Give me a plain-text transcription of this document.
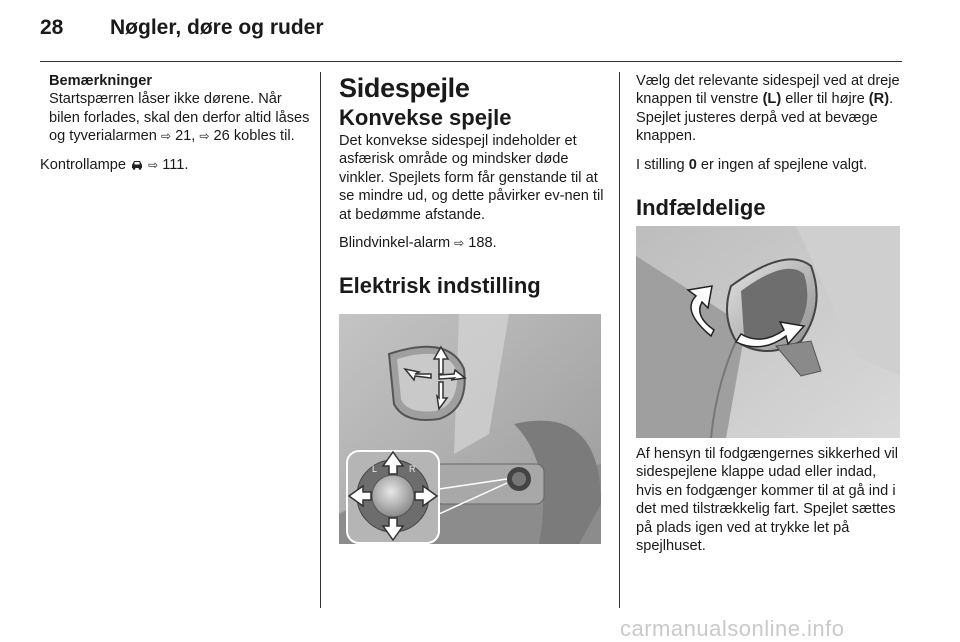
28 Nøgler, døre og ruder

Bemærkninger

Startspærren låser ikke dørene. Når bilen forlades, skal den derfor altid låses og tyverialarmen ⇨ 21, ⇨ 26 kobles til.

Kontrollampe  ⇨ 111.

Sidespejle

Konvekse spejle

Det konvekse sidespejl indeholder et asfærisk område og mindsker døde vinkler. Spejlets form får genstande til at se mindre ud, og dette påvirker ev-nen til at bedømme afstande.

Blindvinkel-alarm ⇨ 188.

Elektrisk indstilling

L	R

Vælg det relevante sidespejl ved at dreje knappen til venstre (L) eller til højre (R). Spejlet justeres derpå ved at bevæge knappen.

I stilling 0 er ingen af spejlene valgt.

Indfældelige

Af hensyn til fodgængernes sikkerhed vil sidespejlene klappe udad eller indad, hvis en fodgænger kommer til at gå ind i det med tilstrækkelig fart. Spejlet sættes på plads igen ved at trykke let på spejlhuset.

carmanualsonline.info
